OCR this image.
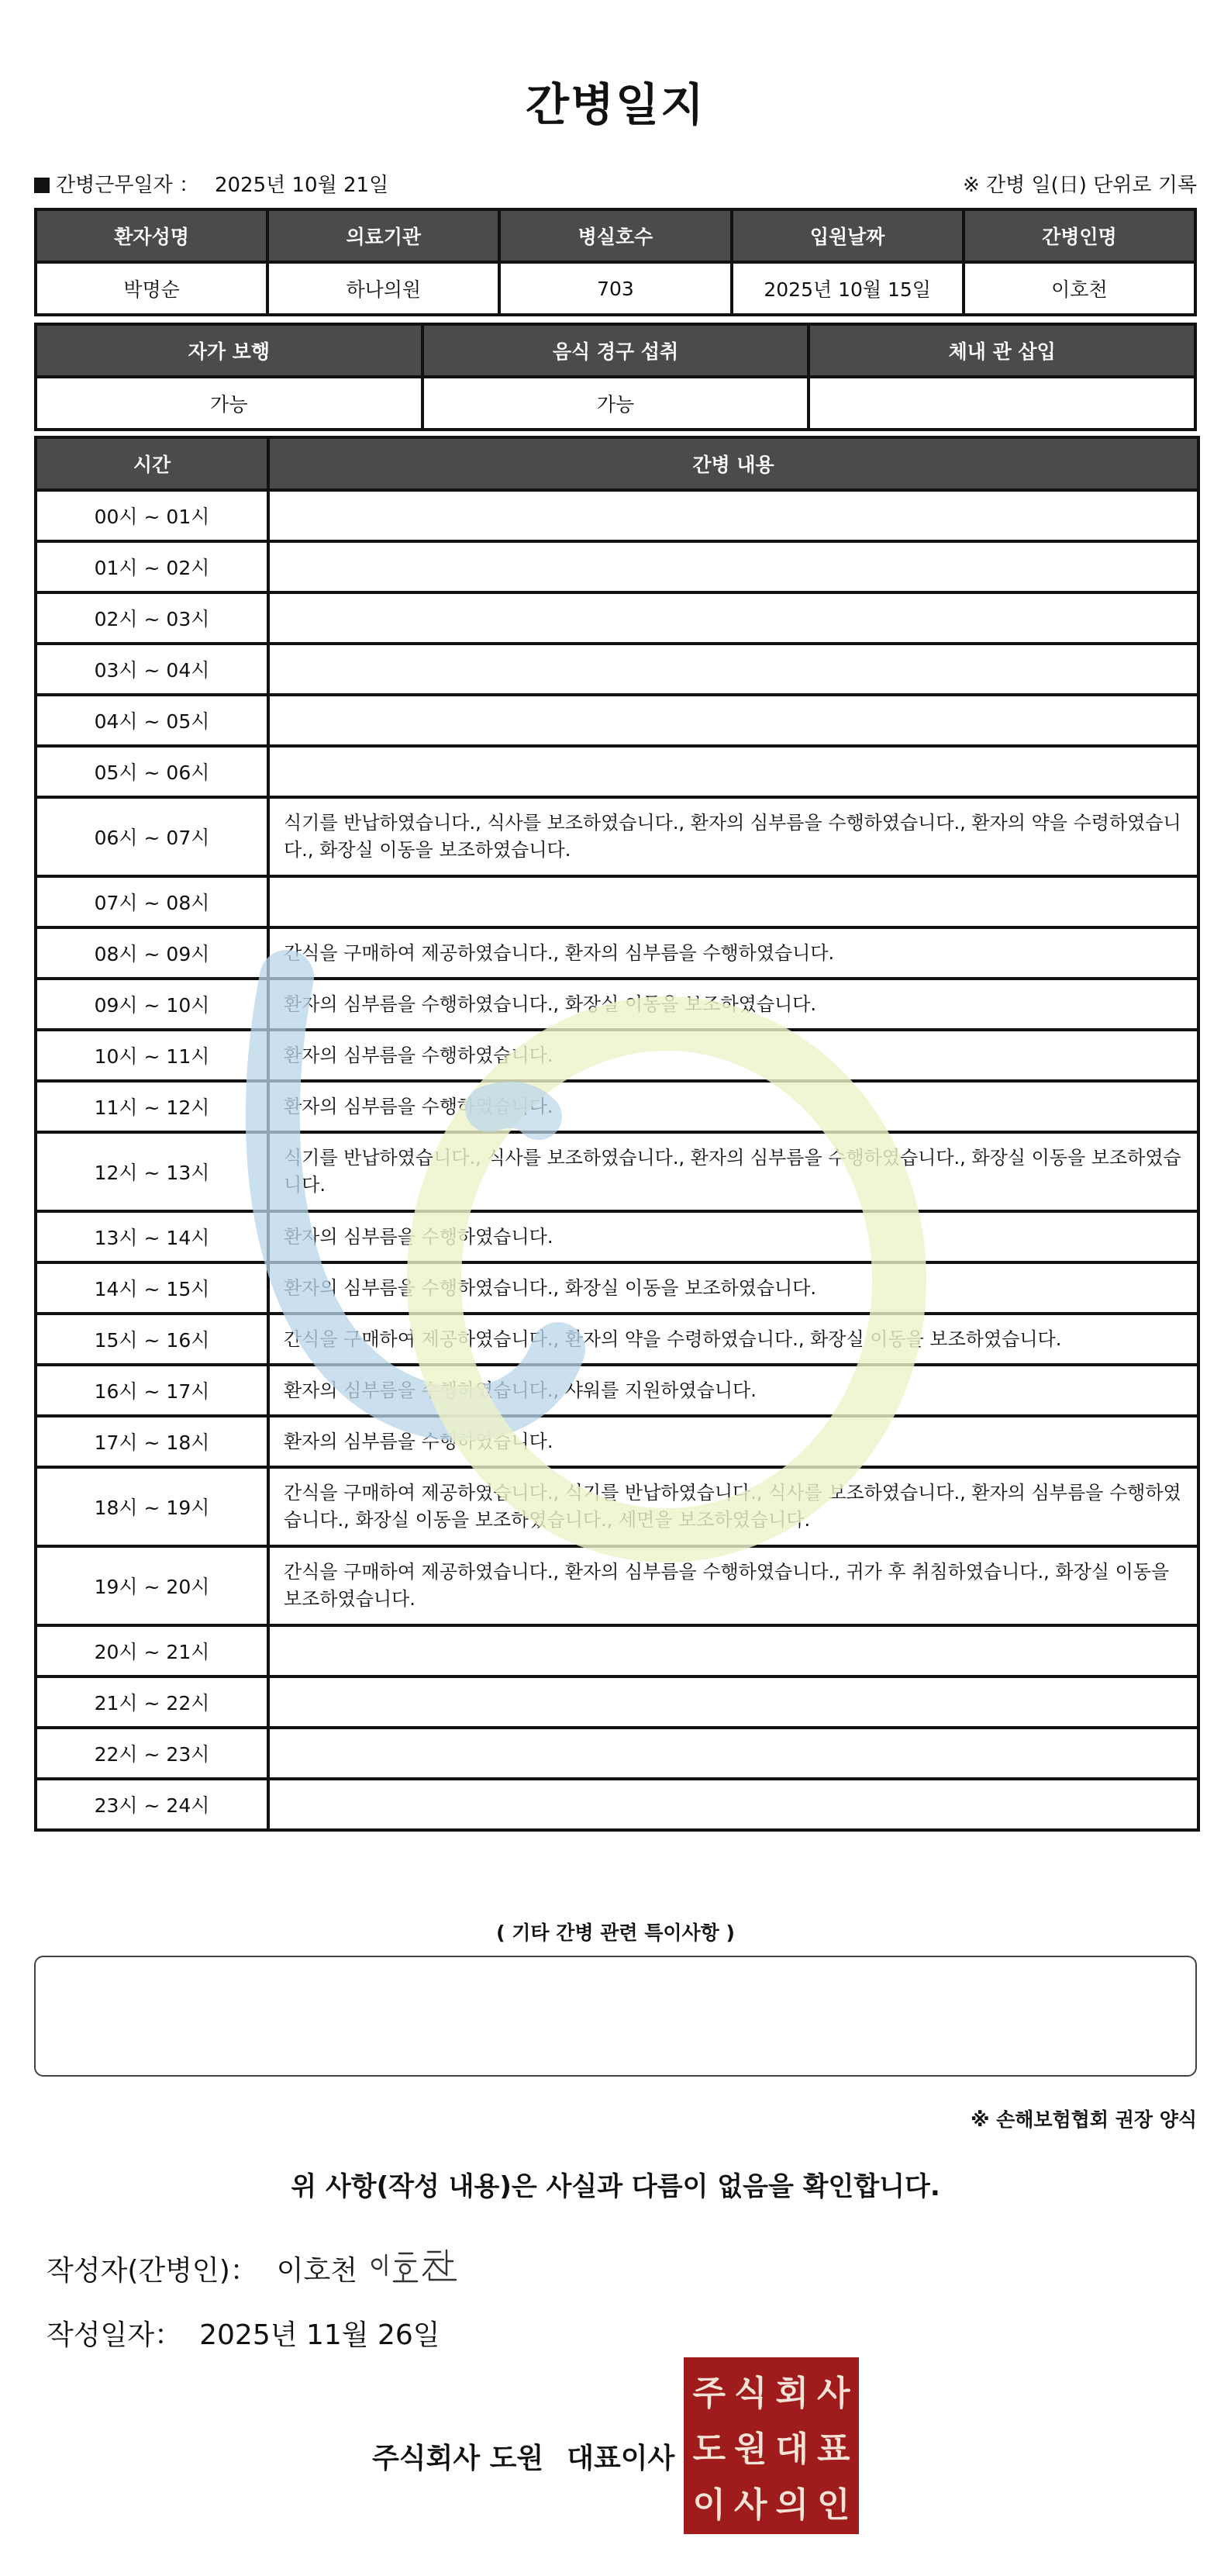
간병일지
간병근무일자 ： 2025년 10월 21일	※ 간병 일(日) 단위로 기록
환자성명	의료기관	병실호수	입원날짜	간병인명
박명순	하나의원	703	2025년 10월 15일	이호천
자가 보행	음식 경구 섭취	체내 관 삽입
가능	가능	
시간	간병 내용
00시 ~ 01시	
01시 ~ 02시	
02시 ~ 03시	
03시 ~ 04시	
04시 ~ 05시	
05시 ~ 06시	
06시 ~ 07시	식기를 반납하였습니다., 식사를 보조하였습니다., 환자의 심부름을 수행하였습니다., 환자의 약을 수령하였습니다., 화장실 이동을 보조하였습니다.
07시 ~ 08시	
08시 ~ 09시	간식을 구매하여 제공하였습니다., 환자의 심부름을 수행하였습니다.
09시 ~ 10시	환자의 심부름을 수행하였습니다., 화장실 이동을 보조하였습니다.
10시 ~ 11시	환자의 심부름을 수행하였습니다.
11시 ~ 12시	환자의 심부름을 수행하였습니다.
12시 ~ 13시	식기를 반납하였습니다., 식사를 보조하였습니다., 환자의 심부름을 수행하였습니다., 화장실 이동을 보조하였습니다.
13시 ~ 14시	환자의 심부름을 수행하였습니다.
14시 ~ 15시	환자의 심부름을 수행하였습니다., 화장실 이동을 보조하였습니다.
15시 ~ 16시	간식을 구매하여 제공하였습니다., 환자의 약을 수령하였습니다., 화장실 이동을 보조하였습니다.
16시 ~ 17시	환자의 심부름을 수행하였습니다., 샤워를 지원하였습니다.
17시 ~ 18시	환자의 심부름을 수행하였습니다.
18시 ~ 19시	간식을 구매하여 제공하였습니다., 식기를 반납하였습니다., 식사를 보조하였습니다., 환자의 심부름을 수행하였습니다., 화장실 이동을 보조하였습니다., 세면을 보조하였습니다.
19시 ~ 20시	간식을 구매하여 제공하였습니다., 환자의 심부름을 수행하였습니다., 귀가 후 취침하였습니다., 화장실 이동을 보조하였습니다.
20시 ~ 21시	
21시 ~ 22시	
22시 ~ 23시	
23시 ~ 24시	
( 기타 간병 관련 특이사항 )
※ 손해보험협회 권장 양식
위 사항(작성 내용)은 사실과 다름이 없음을 확인합니다.
작성자(간병인)： 이호천
작성일자： 2025년 11월 26일
주식회사 도원 대표이사
주 식 회 사
도 원 대 표
이 사 의 인
